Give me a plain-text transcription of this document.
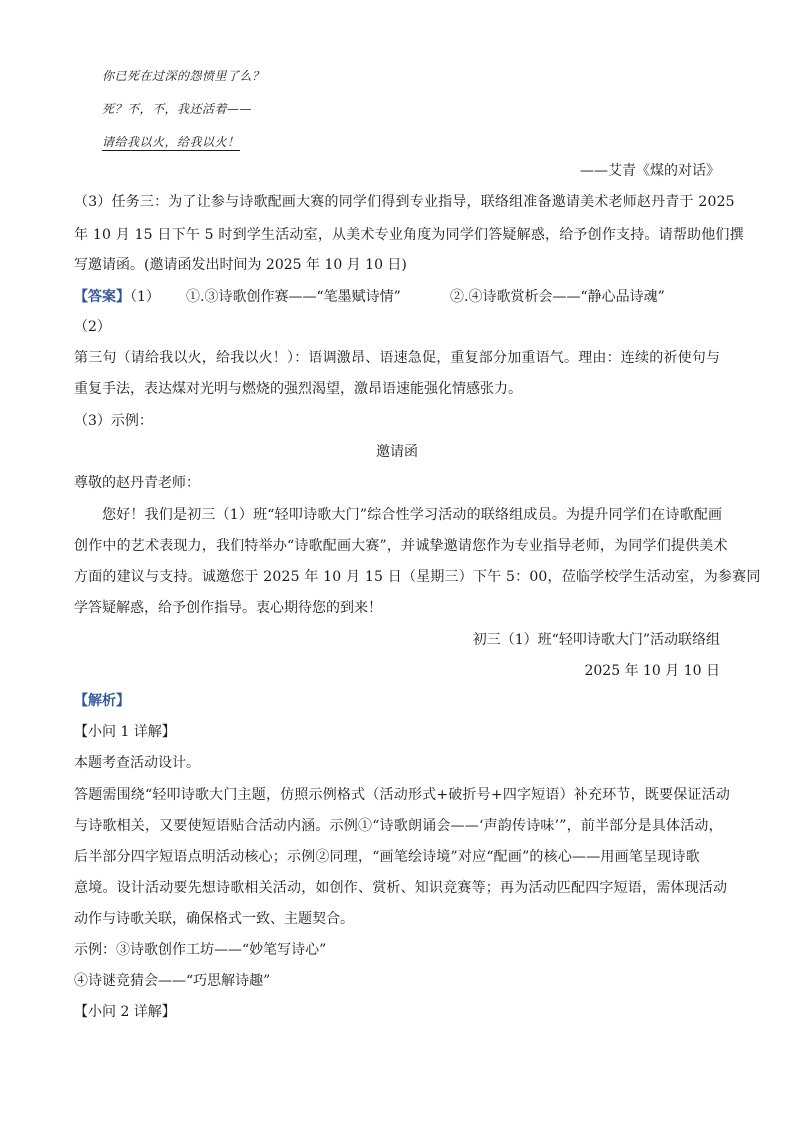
你已死在过深的怨愤里了么？
死？不，不，我还活着——
请给我以火，给我以火！
——艾青《煤的对话》
（3）任务三：为了让参与诗歌配画大赛的同学们得到专业指导，联络组准备邀请美术老师赵丹青于 2025
年 10 月 15 日下午 5 时到学生活动室，从美术专业角度为同学们答疑解惑，给予创作支持。请帮助他们撰
写邀请函。(邀请函发出时间为 2025 年 10 月 10 日)
【答案】（1） ①.③诗歌创作赛——“笔墨赋诗情”	②.④诗歌赏析会——“静心品诗魂”
（2）
第三句（请给我以火，给我以火！）：语调激昂、语速急促，重复部分加重语气。理由：连续的祈使句与
重复手法，表达煤对光明与燃烧的强烈渴望，激昂语速能强化情感张力。
（3）示例：
邀请函
尊敬的赵丹青老师：
您好！我们是初三（1）班“轻叩诗歌大门”综合性学习活动的联络组成员。为提升同学们在诗歌配画
创作中的艺术表现力，我们特举办“诗歌配画大赛”，并诚挚邀请您作为专业指导老师，为同学们提供美术
方面的建议与支持。诚邀您于 2025 年 10 月 15 日（星期三）下午 5：00，莅临学校学生活动室，为参赛同
学答疑解惑，给予创作指导。衷心期待您的到来！
初三（1）班“轻叩诗歌大门”活动联络组
2025 年 10 月 10 日
【解析】
【小问 1 详解】
本题考查活动设计。
答题需围绕“轻叩诗歌大门主题，仿照示例格式（活动形式+破折号+四字短语）补充环节，既要保证活动
与诗歌相关，又要使短语贴合活动内涵。示例①“诗歌朗诵会——‘声韵传诗味’”，前半部分是具体活动，
后半部分四字短语点明活动核心；示例②同理，“画笔绘诗境”对应“配画”的核心——用画笔呈现诗歌
意境。设计活动要先想诗歌相关活动，如创作、赏析、知识竞赛等；再为活动匹配四字短语，需体现活动
动作与诗歌关联，确保格式一致、主题契合。
示例：③诗歌创作工坊——“妙笔写诗心”
④诗谜竞猜会——“巧思解诗趣”
【小问 2 详解】
